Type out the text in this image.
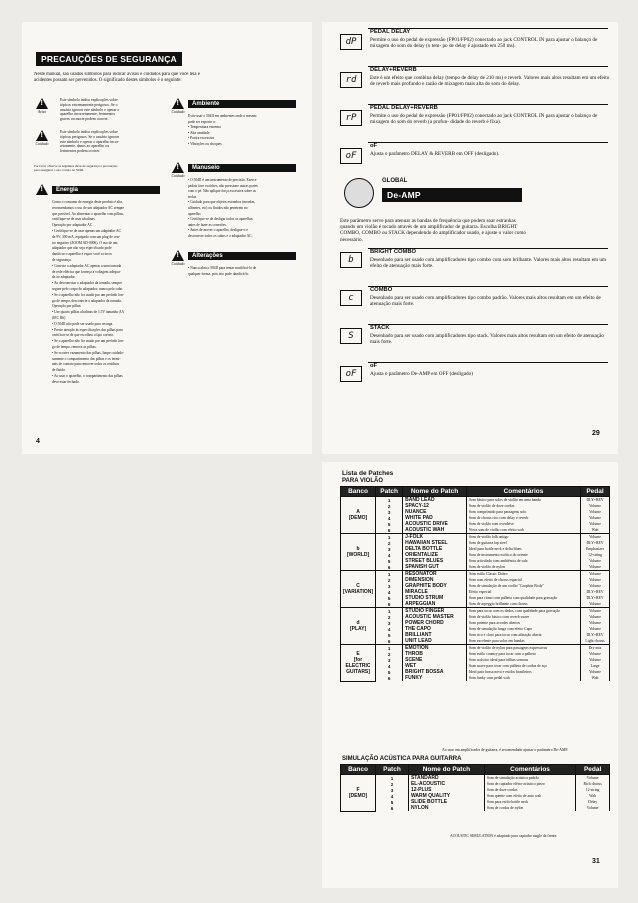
PRECAUÇÕES DE SEGURANÇA
Neste manual, são usados símbolos para indicar avisos e cuidados para que você leia e
acidentes possam ser prevenidos. O significado destes símbolos é o seguinte:
!
Aviso
Este símbolo indica explicações sobre
tópicos extremamente perigosos. Se o
usuário ignorar este símbolo e operar o
aparelho incorretamente, ferimentos
graves ou morte podem ocorrer.
!
Cuidado
Este símbolo indica explicações sobre
tópicos perigosos. Se o usuário ignorar
este símbolo e operar o aparelho incor-
retamente, danos ao aparelho ou
ferimentos podem ocorrer.
Por favor observe as seguintes dicas de segurança e precauções
para assegurar o uso correto do 504II.
!
Energia
Como o consumo de energia deste produto é alto,
recomendamos o uso de um adaptador AC sempre
que possível. Ao alimentar o aparelho com pilhas,
certifique-se de usar alcalinas.
Operação por adaptador AC
• Certifique-se de usar apenas um adaptador AC
de 9V, 300 mA, equipado com um plug de cen-
tro negativo (ZOOM AD-0006). O uso de um
adaptador que não seja especificado pode
danificar o aparelho e expor você a riscos
de segurança.
• Conecte o adaptador AC apenas a uma tomada
de rede elétrica que forneça a voltagem adequa-
da ao adaptador.
• Ao desconectar o adaptador da tomada, sempre
segure pelo corpo do adaptador; nunca pelo cabo.
• Se o aparelho não for usado por um período lon-
go de tempo, desconecte o adaptador da tomada.
Operação por pilhas
• Use quatro pilhas alcalinas de 1.5V tamanho AA
(IEC R6)
• O 504II não pode ser usado para recarga.
• Preste atenção às especificações das pilhas para
certificar-se de que escolheu o tipo correto.
• Se o aparelho não for usado por um período lon-
go de tempo, remova as pilhas.
• Se ocorrer vazamento das pilhas, limpe cuidado-
samente o compartimento das pilhas e os termi-
nais de contato para remover todos os resíduos
de fluido.
• Ao usar o aparelho, o compartimento das pilhas
deve estar fechado.
!
Cuidado
Ambiente
Evite usar o 504II em ambientes onde o mesmo
pode ser exposto a:
• Temperatura extrema
• Alta umidade
• Poeira excessiva
• Vibrações ou choques
!
Cuidado
Manuseio
• O 504II é um instrumento de precisão. Exerce
pedais face switches, não pressione outras partes
com o pé. Não aplique força excessiva sobre as
teclas.
• Cuidado para que objetos estranhos (moedas,
alfinetes, etc) ou fluidos não penetrem no
aparelho.
• Certifique-se de desligar todos os aparelhos
antes de fazer as conexões.
• Antes de mover o aparelho, desligue-o e
desconecte todos os cabos e o adaptador AC.
!
Cuidado
Alterações
• Nunca abra o 504II para tentar modificá-lo de
qualquer forma, pois isto pode danificá-lo.
4
dP
PEDAL DELAY
Permite o uso do pedal de expressão (FP01/FP02) conectado ao jack CONTROL IN para ajustar o balanço de mixagem do som do delay (o tem- po de delay é ajustado em 250 ms).
rd
DELAY+REVERB
Este é um efeito que combina delay (tempo de delay de 210 ms) e reverb. Valores mais altos resultam em um efeito de reverb mais profundo e razão de mixagem mais alta do som do delay.
rP
PEDAL DELAY+REVERB
Permite o uso do pedal de expressão (FP01/FP02) conectado ao jack CONTROL IN para ajustar o balanço de mixagem do som do reverb (a profun- didade do reverb é fixa).
oF
oF
Ajusta o parâmetro DELAY & REVERB em OFF (desligado).
GLOBAL
De-AMP
Este parâmetro serve para atenuar as bandas de frequência que podem soar estranhas
quando um violão é tocado através de um amplificador de guitarra. Escolha BRIGHT
COMBO, COMBO ou STACK dependendo do amplificador usado, e ajuste o valor como
necessário.
b
BRIGHT COMBO
Desenhado para ser usado com amplificadores tipo combo com som brilhante. Valores mais altos resultam em um efeito de atenuação mais forte.
c
COMBO
Desenhado para ser usado com amplificadores tipo combo padrão. Valores mais altos resultam em um efeito de atenuação mais forte.
S
STACK
Desenhado para ser usado com amplificadores tipo stack. Valores mais altos resultam em um efeito de atenuação mais forte.
oF
oF
Ajusta o parâmetro De-AMP em OFF (desligado)
29
Lista de Patches
PARA VIOLÃO
Banco	Patch	Nome do Patch	Comentários	Pedal
A
[DEMO]	1	BAND LEAD	Som básico para solos de violão em uma banda	DLY+REV
	2	SPACY-12	Som de violão de doze cordas	Volume
	3	NUANCE	Som comprimido para passagens solo	Volume
	4	WHITE PAD	Som de chorus rico com delay e reverb	Volume
	5	ACOUSTIC DRIVE	Som de violão com overdrive	Volume
	6	ACOUSTIC WAH	Nova som de violão com efeito wah	Wah
b
[WORLD]	1	J-FOLK	Som de violão folk antigo	Volume
	2	HAWAIIAN STEEL	Som de guitarra lap steel	DLY+REV
	3	DELTA BOTTLE	Ideal para bottle neck e delta blues	Emphasizer
	4	ORIENTALIZE	Som de instrumento exótico do oriente	12-string
	5	STREET BLUES	Som articulado com ambiência de sala	Volume
	6	SPANISH GUT	Som de violão de nylon	Volume
C
[VARIATION]	1	RESONATOR	Som estilo Classic Dobro	Volume
	2	DIMENSION	Som com efeito de chorus espacial	Volume
	3	GRAPHITE BODY	Som de simulação de um violão "Graphite Body"	Volume
	4	MIRACLE	Efeito especial	DLY+REV
	5	STUDIO STRUM	Som para ritmo com palheta com qualidade para gravação	DLY+REV
	6	ARPEGGIAN	Som de arpeggio brilhante com chorus	Volume
d
[PLAY]	1	STUDIO FINGER	Som para tocar com os dedos, com qualidade para gravação	Volume
	2	ACOUSTIC MASTER	Som de violão básico com reverb suave	Volume
	3	POWER CHORD	Som potente para acordes abertos	Volume
	4	THE CAPO	Som de simulação longa com efeito Capo	Volume
	5	BRILLIANT	Som rico e claro para tocar com afinação aberta	DLY+REV
	6	UNIT LEAD	Som excelente para solos em bandas	Light chorus
E
[for ELECTRIC
GUITARS]	1	EMOTION	Som de violão de nylon para passagens expressivas	Dry mix
	2	THROB	Som estilo country para tocar com a palheta	Volume
	3	SCENE	Som acústico ideal para trilhas sonoras	Volume
	4	WET	Som suave para tocar com palheta de cordas de aço	Large
	5	BRIGHT BOSSA	Ideal para bossa nova e estilos brasileiros	Volume
	6	FUNKY	Som funky com pedal wah	Wah
Ao usar um amplificador de guitarra, é recomendado ajustar o parâmetro De-AMP.
SIMULAÇÃO ACÚSTICA PARA GUITARRA
Banco	Patch	Nome do Patch	Comentários	Pedal
F
[DEMO]	1	STANDARD	Som de simulação acústica padrão	Volume
	2	EL-ACOUSTIC	Som de captador elétro-acústico piezo	Rich chorus
	3	12-PLUS	Som de doze cordas	12-string
	4	WARM QUALITY	Som quente com efeito de auto wah	Wah
	5	SLIDE BOTTLE	Som para estilo bottle neck	Delay
	6	NYLON	Som de cordas de nylon	Volume
ACOUSTIC SIMULATION é adaptado para captador single da frente.
31
